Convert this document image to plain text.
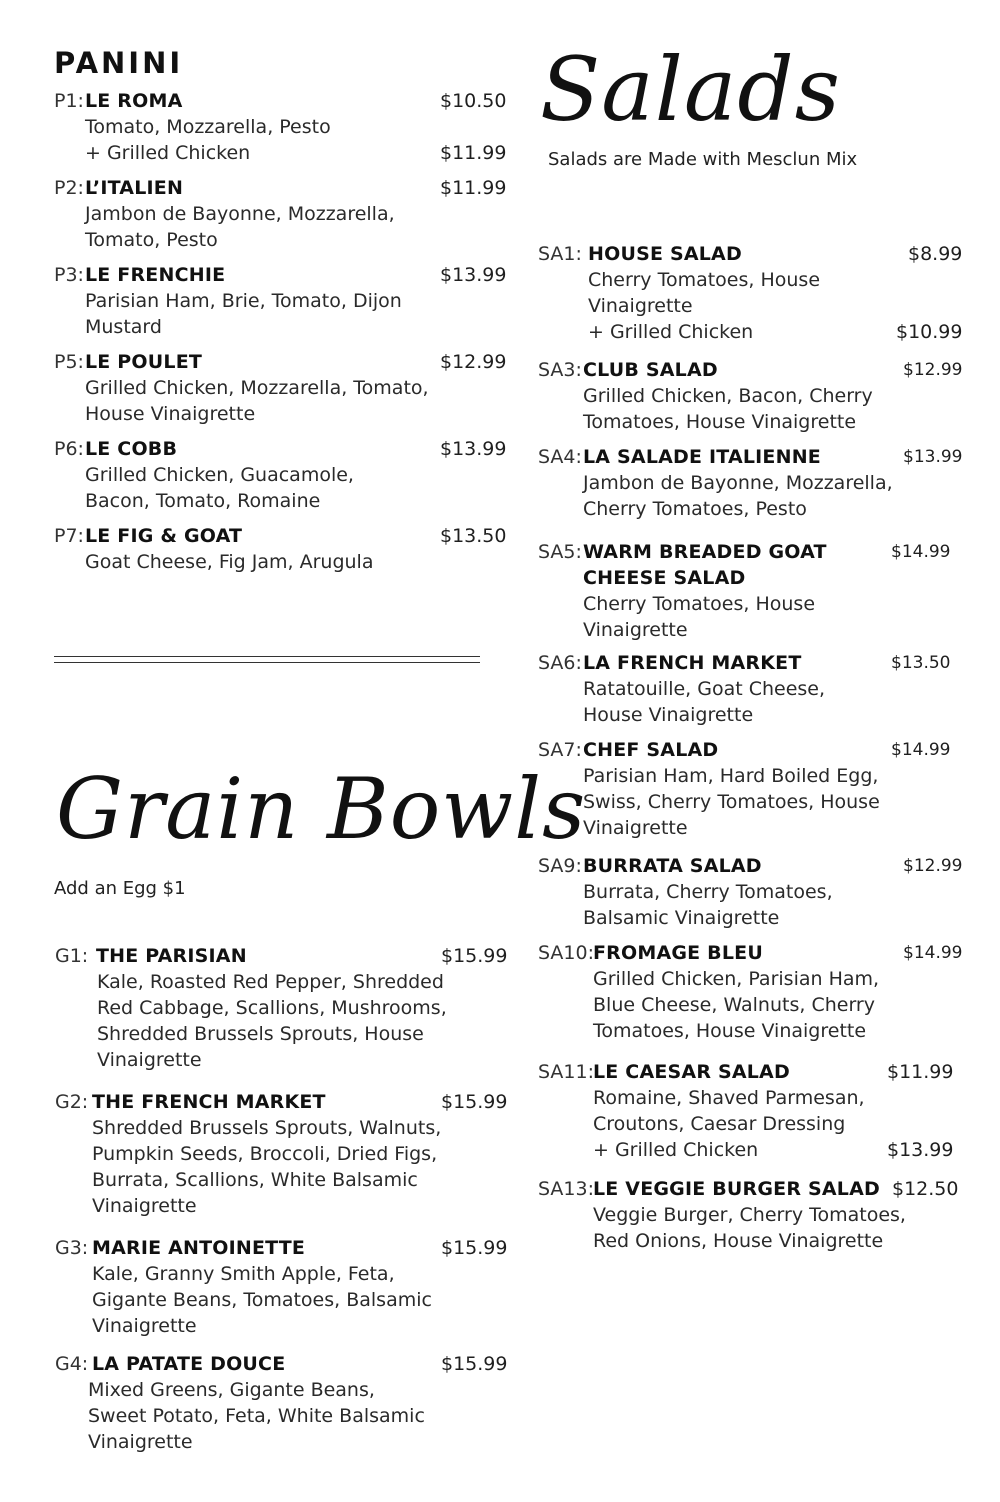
PANINI	Salads
Salads are Made with Mesclun Mix
Grain Bowls
Add an Egg $1
P1:LE ROMA	$10.50
Tomato, Mozzarella, Pesto
+ Grilled Chicken	$11.99
P2:L’ITALIEN	$11.99
Jambon de Bayonne, Mozzarella,
Tomato, Pesto
P3:LE FRENCHIE	$13.99
Parisian Ham, Brie, Tomato, Dijon
Mustard
P5:LE POULET	$12.99
Grilled Chicken, Mozzarella, Tomato,
House Vinaigrette
P6:LE COBB	$13.99
Grilled Chicken, Guacamole,
Bacon, Tomato, Romaine
P7:LE FIG & GOAT	$13.50
Goat Cheese, Fig Jam, Arugula
G1: THE PARISIAN	$15.99
Kale, Roasted Red Pepper, Shredded
Red Cabbage, Scallions, Mushrooms,
Shredded Brussels Sprouts, House
Vinaigrette
G2: THE FRENCH MARKET	$15.99
Shredded Brussels Sprouts, Walnuts,
Pumpkin Seeds, Broccoli, Dried Figs,
Burrata, Scallions, White Balsamic
Vinaigrette
G3: MARIE ANTOINETTE	$15.99
Kale, Granny Smith Apple, Feta,
Gigante Beans, Tomatoes, Balsamic
Vinaigrette
G4: LA PATATE DOUCE	$15.99
Mixed Greens, Gigante Beans,
Sweet Potato, Feta, White Balsamic
Vinaigrette
SA1: HOUSE SALAD	$8.99
Cherry Tomatoes, House
Vinaigrette
+ Grilled Chicken	$10.99
SA3:CLUB SALAD	$12.99
Grilled Chicken, Bacon, Cherry
Tomatoes, House Vinaigrette
SA4:LA SALADE ITALIENNE	$13.99
Jambon de Bayonne, Mozzarella,
Cherry Tomatoes, Pesto
SA5:WARM BREADED GOAT	$14.99
CHEESE SALAD
Cherry Tomatoes, House
Vinaigrette
SA6:LA FRENCH MARKET	$13.50
Ratatouille, Goat Cheese,
House Vinaigrette
SA7:CHEF SALAD	$14.99
Parisian Ham, Hard Boiled Egg,
Swiss, Cherry Tomatoes, House
Vinaigrette
SA9:BURRATA SALAD	$12.99
Burrata, Cherry Tomatoes,
Balsamic Vinaigrette
SA10:FROMAGE BLEU	$14.99
Grilled Chicken, Parisian Ham,
Blue Cheese, Walnuts, Cherry
Tomatoes, House Vinaigrette
SA11:LE CAESAR SALAD	$11.99
Romaine, Shaved Parmesan,
Croutons, Caesar Dressing
+ Grilled Chicken	$13.99
SA13:LE VEGGIE BURGER SALAD $12.50
Veggie Burger, Cherry Tomatoes,
Red Onions, House Vinaigrette
